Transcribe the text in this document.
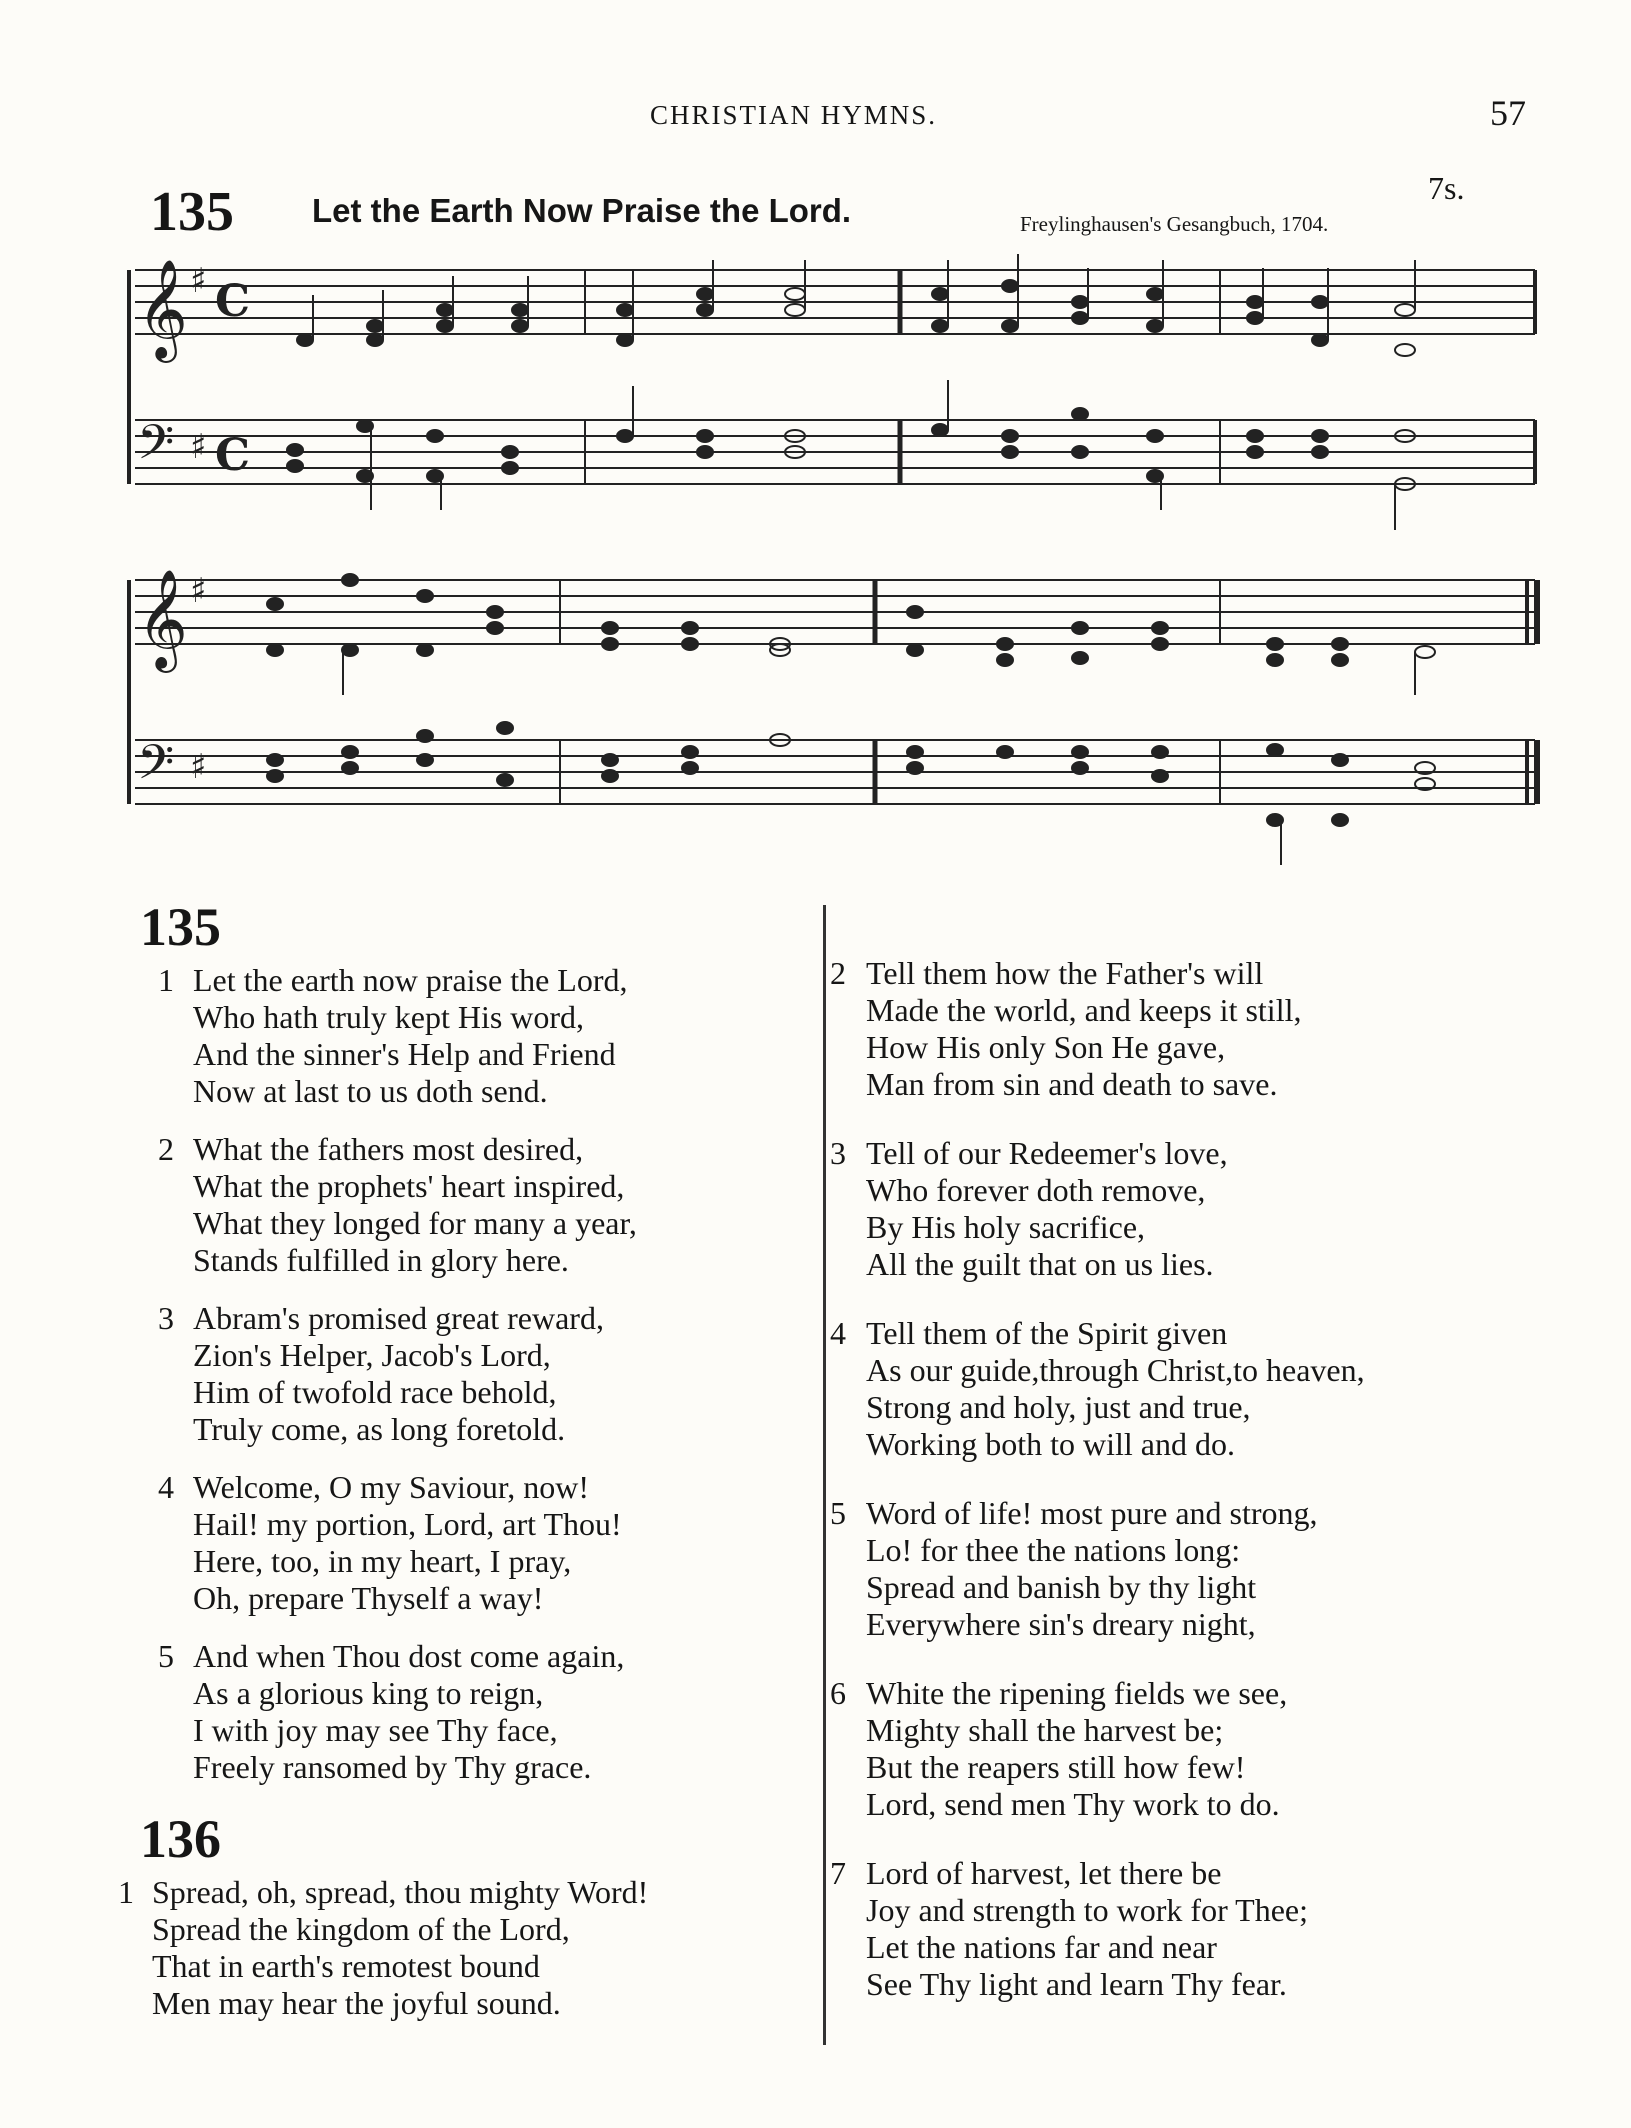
CHRISTIAN HYMNS.	57
135 Let the Earth Now Praise the Lord.
7s.
Freylinghausen's Gesangbuch, 1704.
𝄞
𝄢
𝄞
𝄢
♯
♯
♯
♯
C
C
135
1 Let the earth now praise the Lord,
Who hath truly kept His word,
And the sinner's Help and Friend
Now at last to us doth send.
2 What the fathers most desired,
What the prophets' heart inspired,
What they longed for many a year,
Stands fulfilled in glory here.
3 Abram's promised great reward,
Zion's Helper, Jacob's Lord,
Him of twofold race behold,
Truly come, as long foretold.
4 Welcome, O my Saviour, now!
Hail! my portion, Lord, art Thou!
Here, too, in my heart, I pray,
Oh, prepare Thyself a way!
5 And when Thou dost come again,
As a glorious king to reign,
I with joy may see Thy face,
Freely ransomed by Thy grace.
136
1 Spread, oh, spread, thou mighty Word!
Spread the kingdom of the Lord,
That in earth's remotest bound
Men may hear the joyful sound.
2 Tell them how the Father's will
Made the world, and keeps it still,
How His only Son He gave,
Man from sin and death to save.
3 Tell of our Redeemer's love,
Who forever doth remove,
By His holy sacrifice,
All the guilt that on us lies.
4 Tell them of the Spirit given
As our guide,through Christ,to heaven,
Strong and holy, just and true,
Working both to will and do.
5 Word of life! most pure and strong,
Lo! for thee the nations long:
Spread and banish by thy light
Everywhere sin's dreary night,
6 White the ripening fields we see,
Mighty shall the harvest be;
But the reapers still how few!
Lord, send men Thy work to do.
7 Lord of harvest, let there be
Joy and strength to work for Thee;
Let the nations far and near
See Thy light and learn Thy fear.
